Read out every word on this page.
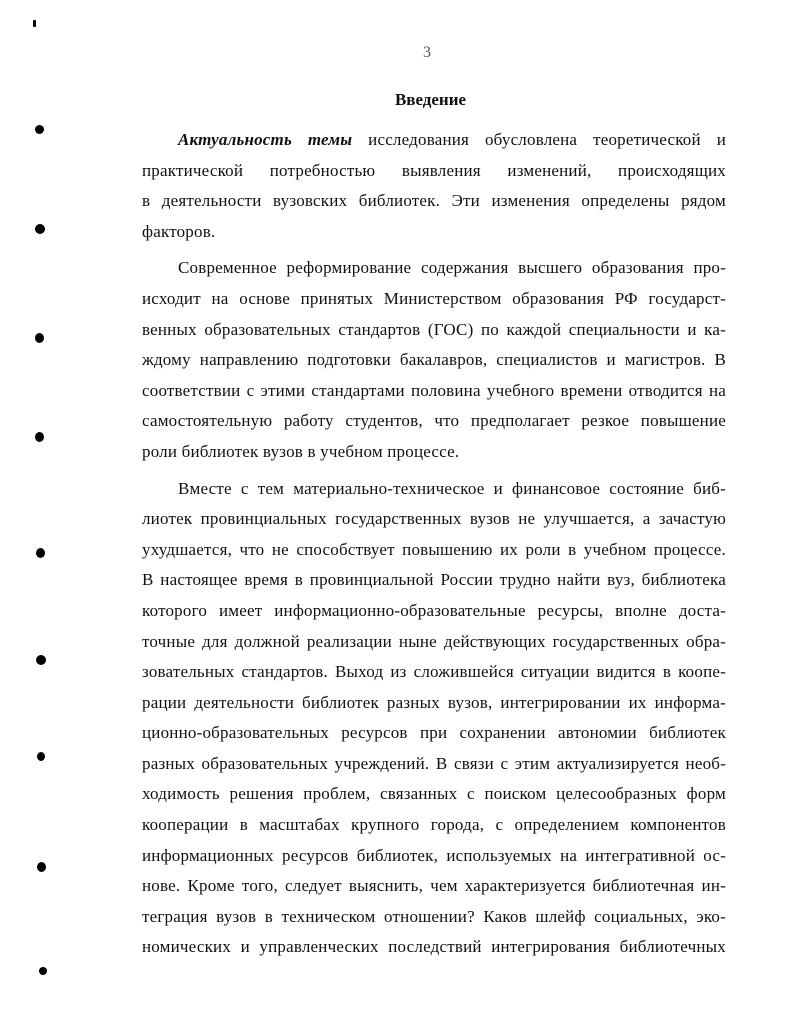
3
Введение
Актуальность темы исследования обусловлена теоретической и
практической потребностью выявления изменений, происходящих
в деятельности вузовских библиотек. Эти изменения определены рядом
факторов.
Современное реформирование содержания высшего образования про-
исходит на основе принятых Министерством образования РФ государст-
венных образовательных стандартов (ГОС) по каждой специальности и ка-
ждому направлению подготовки бакалавров, специалистов и магистров. В
соответствии с этими стандартами половина учебного времени отводится на
самостоятельную работу студентов, что предполагает резкое повышение
роли библиотек вузов в учебном процессе.
Вместе с тем материально-техническое и финансовое состояние биб-
лиотек провинциальных государственных вузов не улучшается, а зачастую
ухудшается, что не способствует повышению их роли в учебном процессе.
В настоящее время в провинциальной России трудно найти вуз, библиотека
которого имеет информационно-образовательные ресурсы, вполне доста-
точные для должной реализации ныне действующих государственных обра-
зовательных стандартов. Выход из сложившейся ситуации видится в коопе-
рации деятельности библиотек разных вузов, интегрировании их информа-
ционно-образовательных ресурсов при сохранении автономии библиотек
разных образовательных учреждений. В связи с этим актуализируется необ-
ходимость решения проблем, связанных с поиском целесообразных форм
кооперации в масштабах крупного города, с определением компонентов
информационных ресурсов библиотек, используемых на интегративной ос-
нове. Кроме того, следует выяснить, чем характеризуется библиотечная ин-
теграция вузов в техническом отношении? Каков шлейф социальных, эко-
номических и управленческих последствий интегрирования библиотечных
